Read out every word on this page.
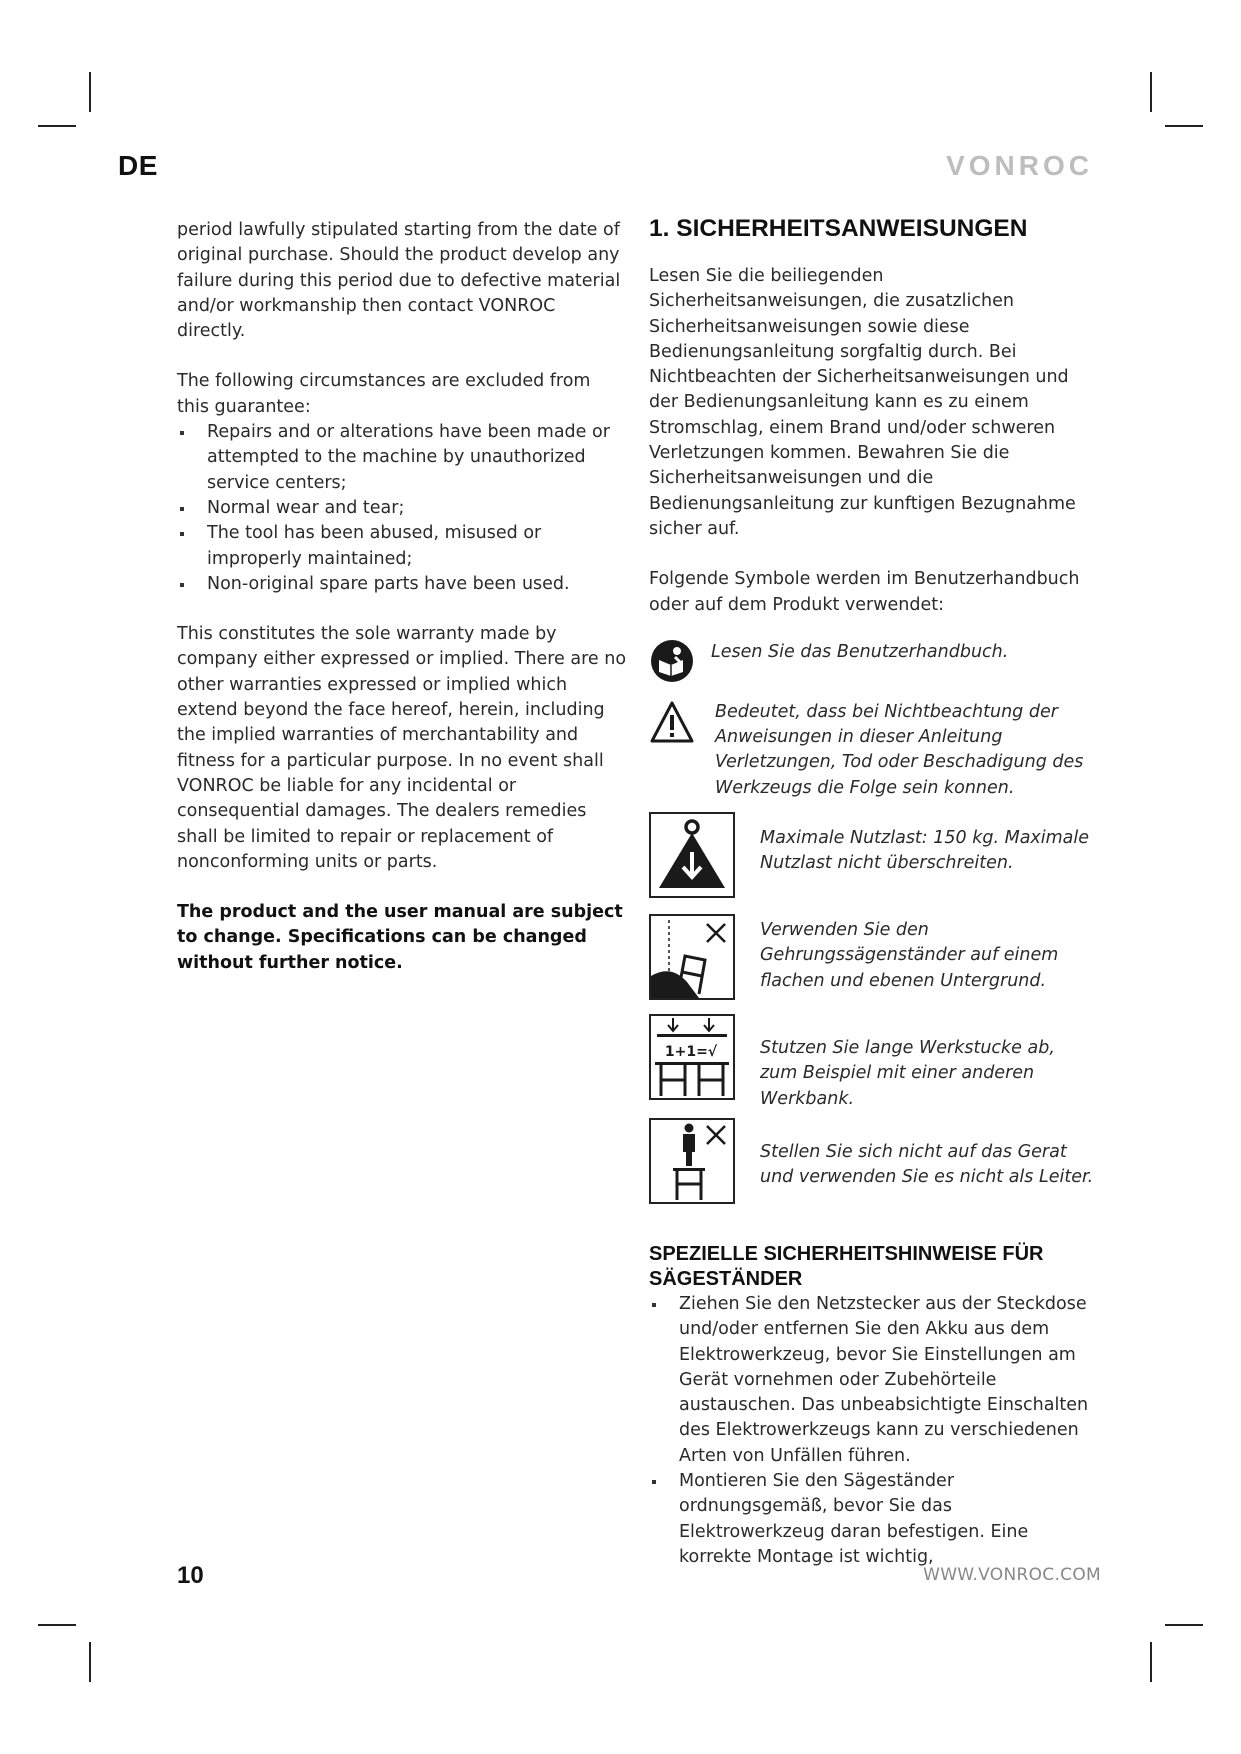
DE	VONROC

period lawfully stipulated starting from the date of original purchase. Should the product develop any failure during this period due to defective material and/or workmanship then contact VONROC directly.

The following circumstances are excluded from this guarantee:

Repairs and or alterations have been made or attempted to the machine by unauthorized service centers;
Normal wear and tear;
The tool has been abused, misused or improperly maintained;
Non-original spare parts have been used.

This constitutes the sole warranty made by company either expressed or implied. There are no other warranties expressed or implied which extend beyond the face hereof, herein, including the implied warranties of merchantability and fitness for a particular purpose. In no event shall VONROC be liable for any incidental or consequential damages. The dealers remedies shall be limited to repair or replacement of nonconforming units or parts.

The product and the user manual are subject to change. Specifications can be changed without further notice.

1. SICHERHEITSANWEISUNGEN

Lesen Sie die beiliegenden Sicherheitsanweisungen, die zusatzlichen Sicherheitsanweisungen sowie diese Bedienungsanleitung sorgfaltig durch. Bei Nichtbeachten der Sicherheitsanweisungen und der Bedienungsanleitung kann es zu einem Stromschlag, einem Brand und/oder schweren Verletzungen kommen. Bewahren Sie die Sicherheitsanweisungen und die Bedienungsanleitung zur kunftigen Bezugnahme sicher auf.

Folgende Symbole werden im Benutzerhandbuch oder auf dem Produkt verwendet:

Lesen Sie das Benutzerhandbuch.
Bedeutet, dass bei Nichtbeachtung der Anweisungen in dieser Anleitung Verletzungen, Tod oder Beschadigung des Werkzeugs die Folge sein konnen.
Maximale Nutzlast: 150 kg. Maximale Nutzlast nicht überschreiten.
Verwenden Sie den Gehrungssägenständer auf einem flachen und ebenen Untergrund.
1+1=√ Stutzen Sie lange Werkstucke ab, zum Beispiel mit einer anderen Werkbank.
Stellen Sie sich nicht auf das Gerat und verwenden Sie es nicht als Leiter.
SPEZIELLE SICHERHEITSHINWEISE FÜR SÄGESTÄNDER
Ziehen Sie den Netzstecker aus der Steckdose und/oder entfernen Sie den Akku aus dem Elektrowerkzeug, bevor Sie Einstellungen am Gerät vornehmen oder Zubehörteile austauschen. Das unbeabsichtigte Einschalten des Elektrowerkzeugs kann zu verschiedenen Arten von Unfällen führen.
Montieren Sie den Sägeständer ordnungsgemäß, bevor Sie das Elektrowerkzeug daran befestigen. Eine korrekte Montage ist wichtig,
10	WWW.VONROC.COM
